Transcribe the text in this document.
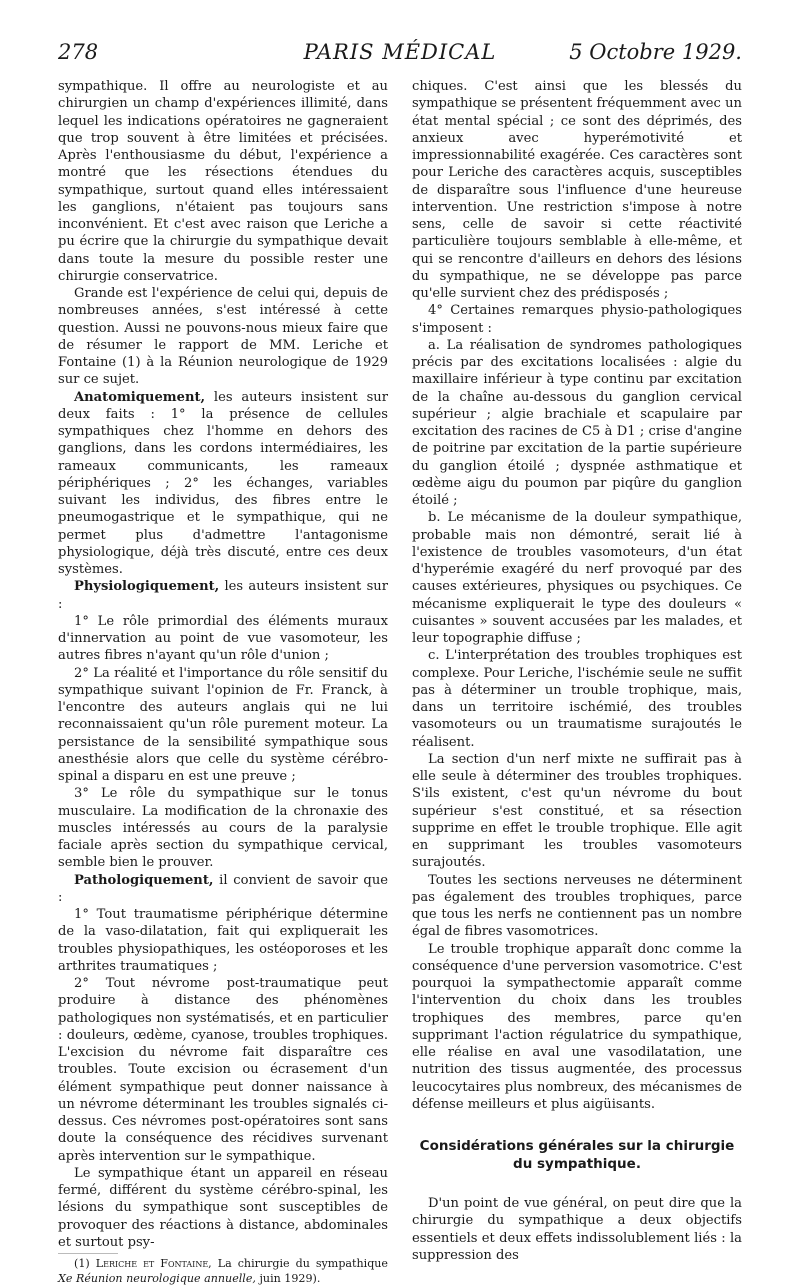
278	PARIS MÉDICAL	5 Octobre 1929.

sympathique. Il offre au neurologiste et au chirurgien un champ d'expériences illimité, dans lequel les indications opératoires ne gagneraient que trop souvent à être limitées et précisées. Après l'enthousiasme du début, l'expérience a montré que les résections étendues du sympathique, surtout quand elles intéressaient les ganglions, n'étaient pas toujours sans inconvénient. Et c'est avec raison que Leriche a pu écrire que la chirurgie du sympathique devait dans toute la mesure du possible rester une chirurgie conservatrice.

Grande est l'expérience de celui qui, depuis de nombreuses années, s'est intéressé à cette question. Aussi ne pouvons-nous mieux faire que de résumer le rapport de MM. Leriche et Fontaine (1) à la Réunion neurologique de 1929 sur ce sujet.

Anatomiquement, les auteurs insistent sur deux faits : 1° la présence de cellules sympathiques chez l'homme en dehors des ganglions, dans les cordons intermédiaires, les rameaux communicants, les rameaux périphériques ; 2° les échanges, variables suivant les individus, des fibres entre le pneumogastrique et le sympathique, qui ne permet plus d'admettre l'antagonisme physiologique, déjà très discuté, entre ces deux systèmes.

Physiologiquement, les auteurs insistent sur :

1° Le rôle primordial des éléments muraux d'innervation au point de vue vasomoteur, les autres fibres n'ayant qu'un rôle d'union ;

2° La réalité et l'importance du rôle sensitif du sympathique suivant l'opinion de Fr. Franck, à l'encontre des auteurs anglais qui ne lui reconnaissaient qu'un rôle purement moteur. La persistance de la sensibilité sympathique sous anesthésie alors que celle du système cérébro-spinal a disparu en est une preuve ;

3° Le rôle du sympathique sur le tonus musculaire. La modification de la chronaxie des muscles intéressés au cours de la paralysie faciale après section du sympathique cervical, semble bien le prouver.

Pathologiquement, il convient de savoir que :

1° Tout traumatisme périphérique détermine de la vaso-dilatation, fait qui expliquerait les troubles physiopathiques, les ostéoporoses et les arthrites traumatiques ;

2° Tout névrome post-traumatique peut produire à distance des phénomènes pathologiques non systématisés, et en particulier : douleurs, œdème, cyanose, troubles trophiques. L'excision du névrome fait disparaître ces troubles. Toute excision ou écrasement d'un élément sympathique peut donner naissance à un névrome déterminant les troubles signalés ci-dessus. Ces névromes post-opératoires sont sans doute la conséquence des récidives survenant après intervention sur le sympathique.

Le sympathique étant un appareil en réseau fermé, différent du système cérébro-spinal, les lésions du sympathique sont susceptibles de provoquer des réactions à distance, abdominales et surtout psy-

(1) Leriche et Fontaine, La chirurgie du sympathique Xe Réunion neurologique annuelle, juin 1929).

chiques. C'est ainsi que les blessés du sympathique se présentent fréquemment avec un état mental spécial ; ce sont des déprimés, des anxieux avec hyperémotivité et impressionnabilité exagérée. Ces caractères sont pour Leriche des caractères acquis, susceptibles de disparaître sous l'influence d'une heureuse intervention. Une restriction s'impose à notre sens, celle de savoir si cette réactivité particulière toujours semblable à elle-même, et qui se rencontre d'ailleurs en dehors des lésions du sympathique, ne se développe pas parce qu'elle survient chez des prédisposés ;

4° Certaines remarques physio-pathologiques s'imposent :

a. La réalisation de syndromes pathologiques précis par des excitations localisées : algie du maxillaire inférieur à type continu par excitation de la chaîne au-dessous du ganglion cervical supérieur ; algie brachiale et scapulaire par excitation des racines de C5 à D1 ; crise d'angine de poitrine par excitation de la partie supérieure du ganglion étoilé ; dyspnée asthmatique et œdème aigu du poumon par piqûre du ganglion étoilé ;

b. Le mécanisme de la douleur sympathique, probable mais non démontré, serait lié à l'existence de troubles vasomoteurs, d'un état d'hyperémie exagéré du nerf provoqué par des causes extérieures, physiques ou psychiques. Ce mécanisme expliquerait le type des douleurs « cuisantes » souvent accusées par les malades, et leur topographie diffuse ;

c. L'interprétation des troubles trophiques est complexe. Pour Leriche, l'ischémie seule ne suffit pas à déterminer un trouble trophique, mais, dans un territoire ischémié, des troubles vasomoteurs ou un traumatisme surajoutés le réalisent.

La section d'un nerf mixte ne suffirait pas à elle seule à déterminer des troubles trophiques. S'ils existent, c'est qu'un névrome du bout supérieur s'est constitué, et sa résection supprime en effet le trouble trophique. Elle agit en supprimant les troubles vasomoteurs surajoutés.

Toutes les sections nerveuses ne déterminent pas également des troubles trophiques, parce que tous les nerfs ne contiennent pas un nombre égal de fibres vasomotrices.

Le trouble trophique apparaît donc comme la conséquence d'une perversion vasomotrice. C'est pourquoi la sympathectomie apparaît comme l'intervention du choix dans les troubles trophiques des membres, parce qu'en supprimant l'action régulatrice du sympathique, elle réalise en aval une vasodilatation, une nutrition des tissus augmentée, des processus leucocytaires plus nombreux, des mécanismes de défense meilleurs et plus aigüisants.

Considérations générales sur la chirurgie
du sympathique.

D'un point de vue général, on peut dire que la chirurgie du sympathique a deux objectifs essentiels et deux effets indissolublement liés : la suppression des
